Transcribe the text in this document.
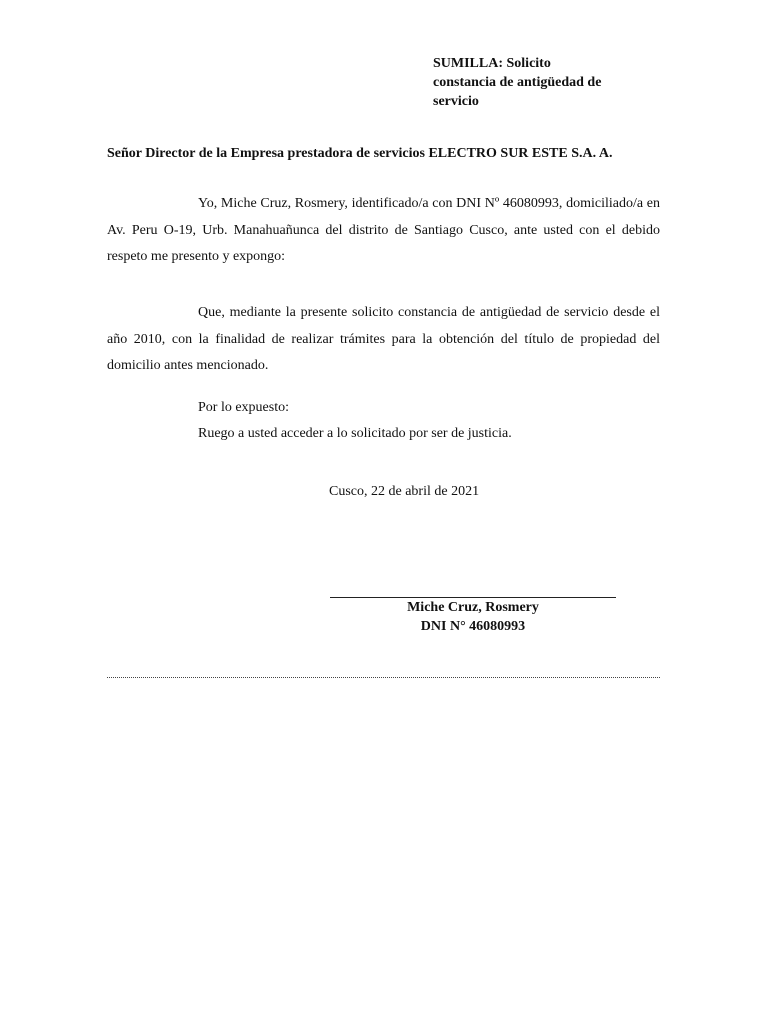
SUMILLA: Solicito
constancia de antigüedad de
servicio
Señor Director de la Empresa prestadora de servicios ELECTRO SUR ESTE S.A. A.

Yo, Miche Cruz, Rosmery, identificado/a con DNI Nº 46080993, domiciliado/a en Av. Peru O-19, Urb. Manahuañunca del distrito de Santiago Cusco, ante usted con el debido respeto me presento y expongo:

Que, mediante la presente solicito constancia de antigüedad de servicio desde el año 2010, con la finalidad de realizar trámites para la obtención del título de propiedad del domicilio antes mencionado.

Por lo expuesto:
Ruego a usted acceder a lo solicitado por ser de justicia.
Cusco, 22 de abril de 2021
Miche Cruz, Rosmery
DNI N° 46080993
